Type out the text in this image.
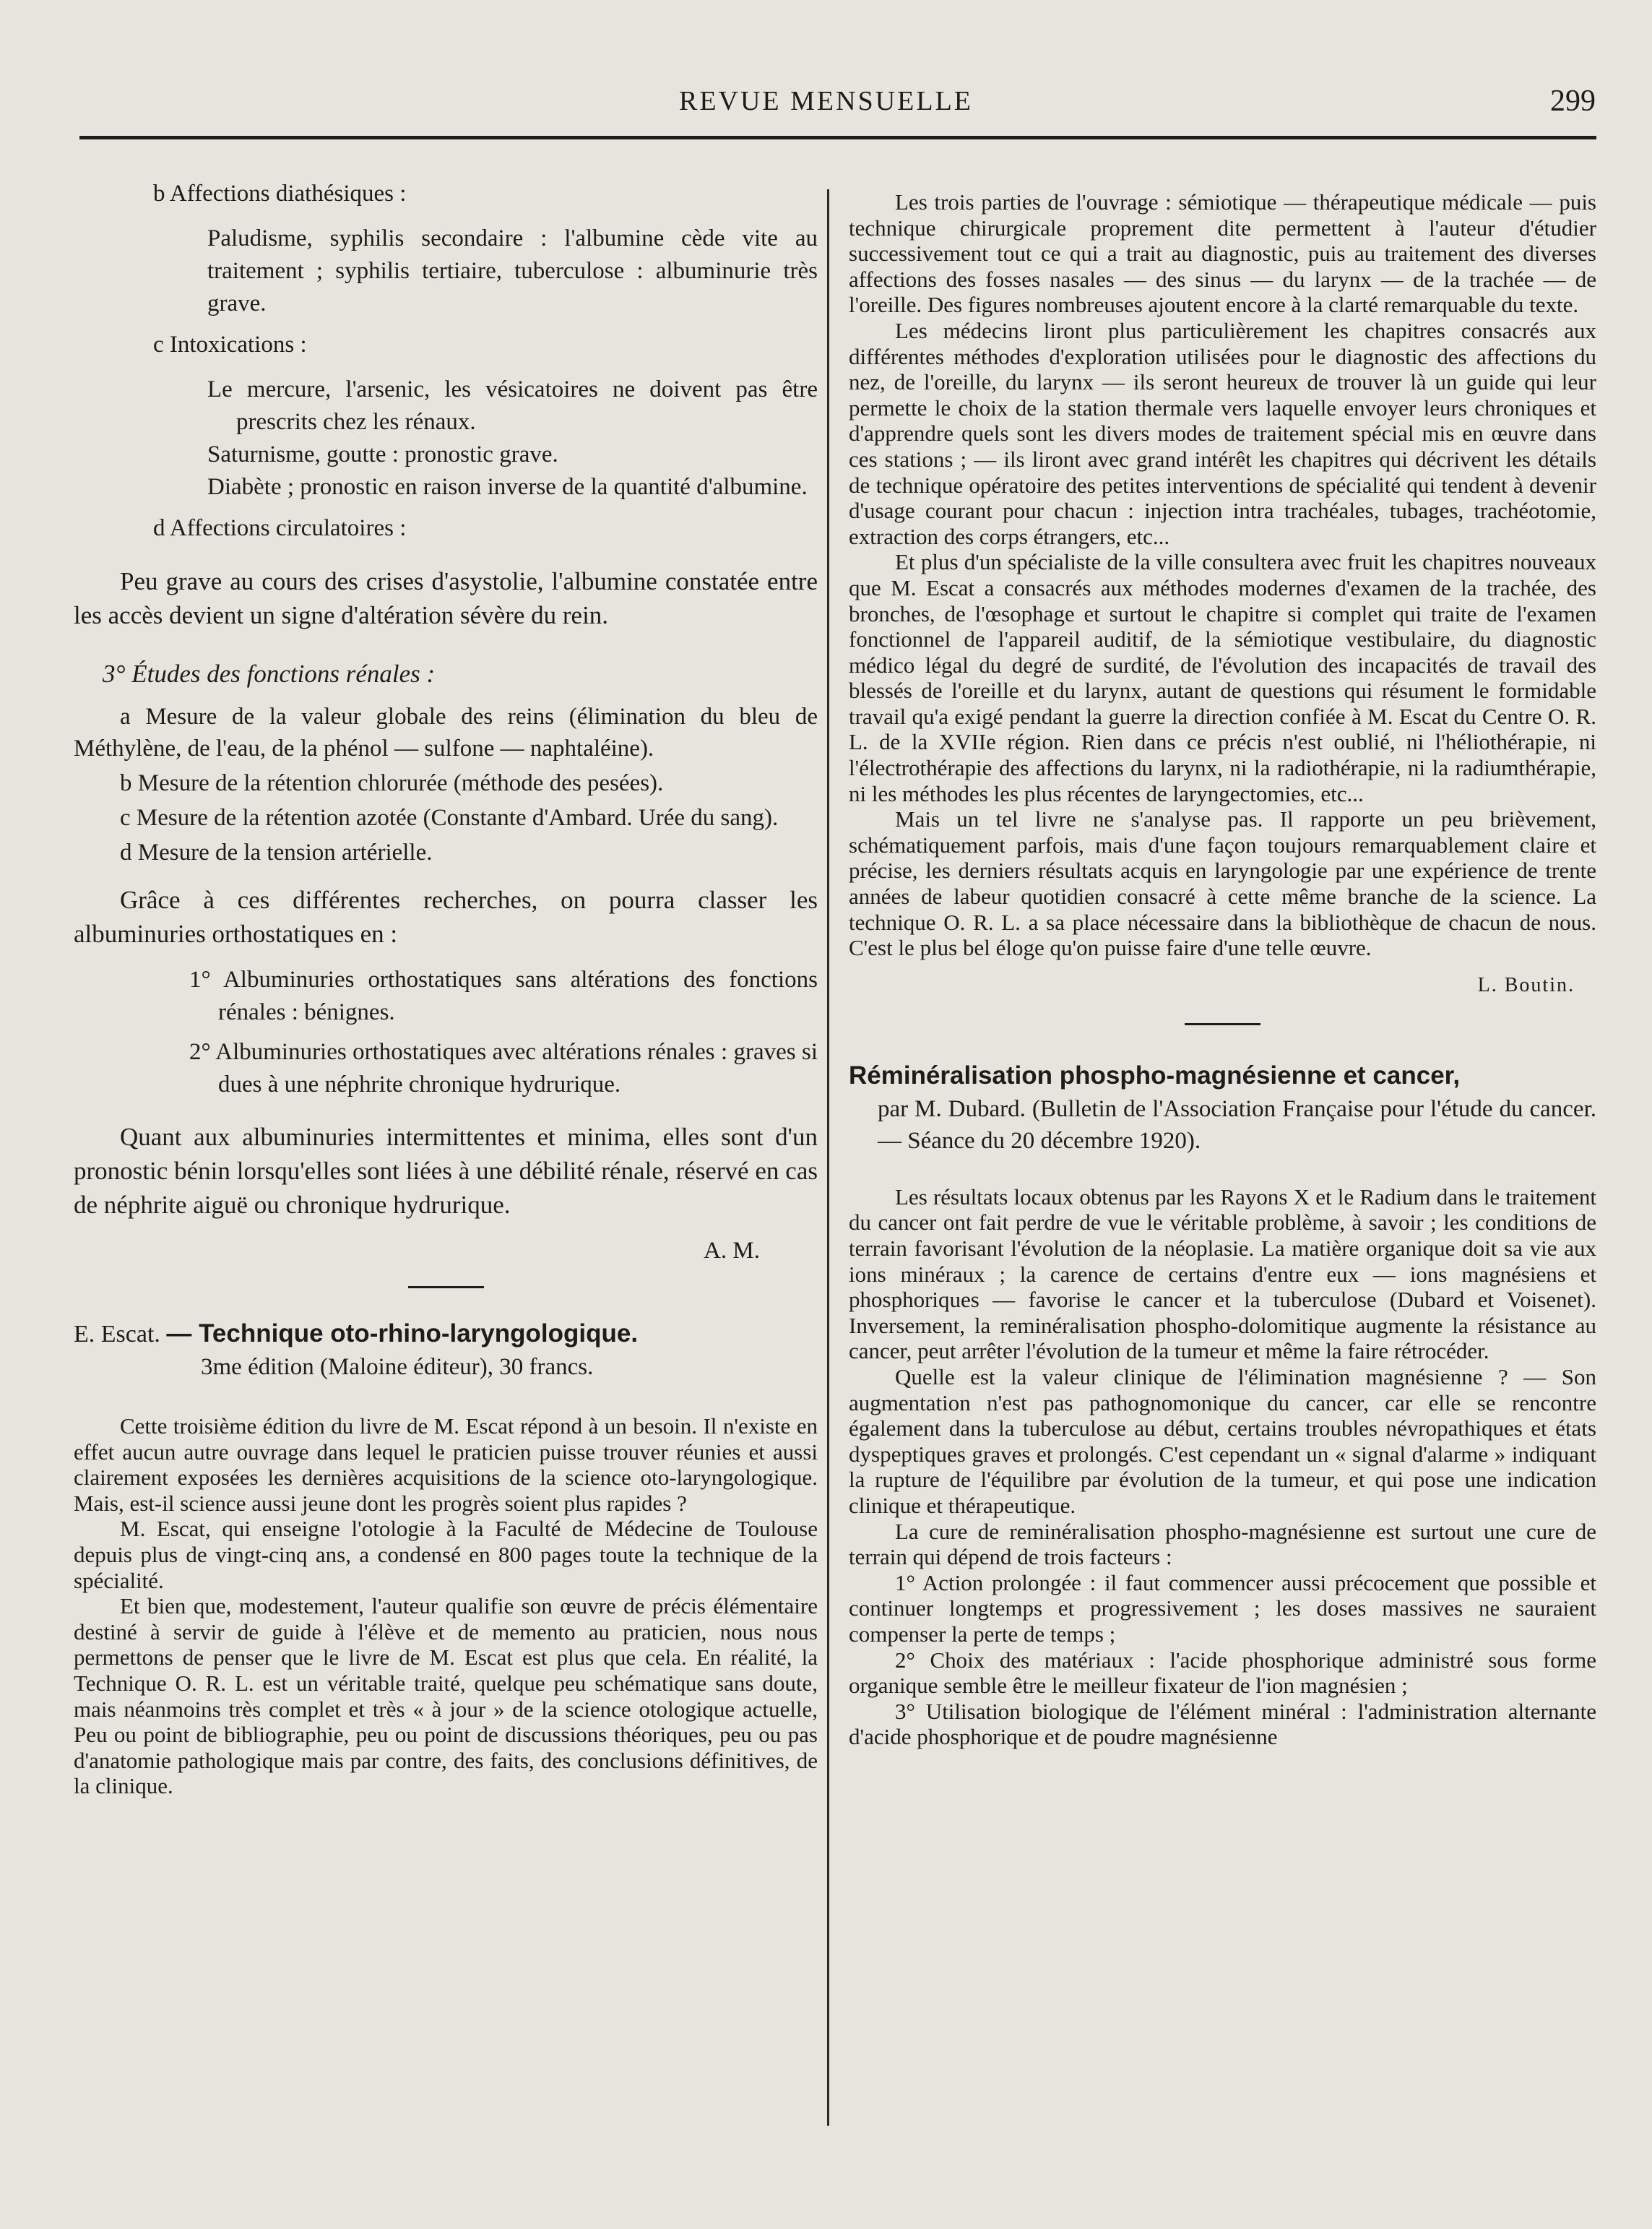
REVUE MENSUELLE	299

b Affections diathésiques :

Paludisme, syphilis secondaire : l'albumine cède vite au traitement ; syphilis tertiaire, tuberculose : albuminurie très grave.

c Intoxications :

Le mercure, l'arsenic, les vésicatoires ne doivent pas être prescrits chez les rénaux.

Saturnisme, goutte : pronostic grave.

Diabète ; pronostic en raison inverse de la quantité d'albumine.

d Affections circulatoires :

Peu grave au cours des crises d'asystolie, l'albumine constatée entre les accès devient un signe d'altération sévère du rein.

3° Études des fonctions rénales :

a Mesure de la valeur globale des reins (élimination du bleu de Méthylène, de l'eau, de la phénol — sulfone — naphtaléine).

b Mesure de la rétention chlorurée (méthode des pesées).

c Mesure de la rétention azotée (Constante d'Ambard. Urée du sang).

d Mesure de la tension artérielle.

Grâce à ces différentes recherches, on pourra classer les albuminuries orthostatiques en :

1° Albuminuries orthostatiques sans altérations des fonctions rénales : bénignes.

2° Albuminuries orthostatiques avec altérations rénales : graves si dues à une néphrite chronique hydrurique.

Quant aux albuminuries intermittentes et minima, elles sont d'un pronostic bénin lorsqu'elles sont liées à une débilité rénale, réservé en cas de néphrite aiguë ou chronique hydrurique.

A. M.

E. Escat. — Technique oto-rhino-laryngologique.

3me édition (Maloine éditeur), 30 francs.

Cette troisième édition du livre de M. Escat répond à un besoin. Il n'existe en effet aucun autre ouvrage dans lequel le praticien puisse trouver réunies et aussi clairement exposées les dernières acquisitions de la science oto-laryngologique. Mais, est-il science aussi jeune dont les progrès soient plus rapides ?

M. Escat, qui enseigne l'otologie à la Faculté de Médecine de Toulouse depuis plus de vingt-cinq ans, a condensé en 800 pages toute la technique de la spécialité.

Et bien que, modestement, l'auteur qualifie son œuvre de précis élémentaire destiné à servir de guide à l'élève et de memento au praticien, nous nous permettons de penser que le livre de M. Escat est plus que cela. En réalité, la Technique O. R. L. est un véritable traité, quelque peu schématique sans doute, mais néanmoins très complet et très « à jour » de la science otologique actuelle, Peu ou point de bibliographie, peu ou point de discussions théoriques, peu ou pas d'anatomie pathologique mais par contre, des faits, des conclusions définitives, de la clinique.

Les trois parties de l'ouvrage : sémiotique — thérapeutique médicale — puis technique chirurgicale proprement dite permettent à l'auteur d'étudier successivement tout ce qui a trait au diagnostic, puis au traitement des diverses affections des fosses nasales — des sinus — du larynx — de la trachée — de l'oreille. Des figures nombreuses ajoutent encore à la clarté remarquable du texte.

Les médecins liront plus particulièrement les chapitres consacrés aux différentes méthodes d'exploration utilisées pour le diagnostic des affections du nez, de l'oreille, du larynx — ils seront heureux de trouver là un guide qui leur permette le choix de la station thermale vers laquelle envoyer leurs chroniques et d'apprendre quels sont les divers modes de traitement spécial mis en œuvre dans ces stations ; — ils liront avec grand intérêt les chapitres qui décrivent les détails de technique opératoire des petites interventions de spécialité qui tendent à devenir d'usage courant pour chacun : injection intra trachéales, tubages, trachéotomie, extraction des corps étrangers, etc...

Et plus d'un spécialiste de la ville consultera avec fruit les chapitres nouveaux que M. Escat a consacrés aux méthodes modernes d'examen de la trachée, des bronches, de l'œsophage et surtout le chapitre si complet qui traite de l'examen fonctionnel de l'appareil auditif, de la sémiotique vestibulaire, du diagnostic médico légal du degré de surdité, de l'évolution des incapacités de travail des blessés de l'oreille et du larynx, autant de questions qui résument le formidable travail qu'a exigé pendant la guerre la direction confiée à M. Escat du Centre O. R. L. de la XVIIe région. Rien dans ce précis n'est oublié, ni l'héliothérapie, ni l'électrothérapie des affections du larynx, ni la radiothérapie, ni la radiumthérapie, ni les méthodes les plus récentes de laryngectomies, etc...

Mais un tel livre ne s'analyse pas. Il rapporte un peu brièvement, schématiquement parfois, mais d'une façon toujours remarquablement claire et précise, les derniers résultats acquis en laryngologie par une expérience de trente années de labeur quotidien consacré à cette même branche de la science. La technique O. R. L. a sa place nécessaire dans la bibliothèque de chacun de nous. C'est le plus bel éloge qu'on puisse faire d'une telle œuvre.

L. Boutin.

Réminéralisation phospho-magnésienne et cancer,

par M. Dubard. (Bulletin de l'Association Française pour l'étude du cancer. — Séance du 20 décembre 1920).

Les résultats locaux obtenus par les Rayons X et le Radium dans le traitement du cancer ont fait perdre de vue le véritable problème, à savoir ; les conditions de terrain favorisant l'évolution de la néoplasie. La matière organique doit sa vie aux ions minéraux ; la carence de certains d'entre eux — ions magnésiens et phosphoriques — favorise le cancer et la tuberculose (Dubard et Voisenet). Inversement, la reminéralisation phospho-dolomitique augmente la résistance au cancer, peut arrêter l'évolution de la tumeur et même la faire rétrocéder.

Quelle est la valeur clinique de l'élimination magnésienne ? — Son augmentation n'est pas pathognomonique du cancer, car elle se rencontre également dans la tuberculose au début, certains troubles névropathiques et états dyspeptiques graves et prolongés. C'est cependant un « signal d'alarme » indiquant la rupture de l'équilibre par évolution de la tumeur, et qui pose une indication clinique et thérapeutique.

La cure de reminéralisation phospho-magnésienne est surtout une cure de terrain qui dépend de trois facteurs :

1° Action prolongée : il faut commencer aussi précocement que possible et continuer longtemps et progressivement ; les doses massives ne sauraient compenser la perte de temps ;

2° Choix des matériaux : l'acide phosphorique administré sous forme organique semble être le meilleur fixateur de l'ion magnésien ;

3° Utilisation biologique de l'élément minéral : l'administration alternante d'acide phosphorique et de poudre magnésienne
